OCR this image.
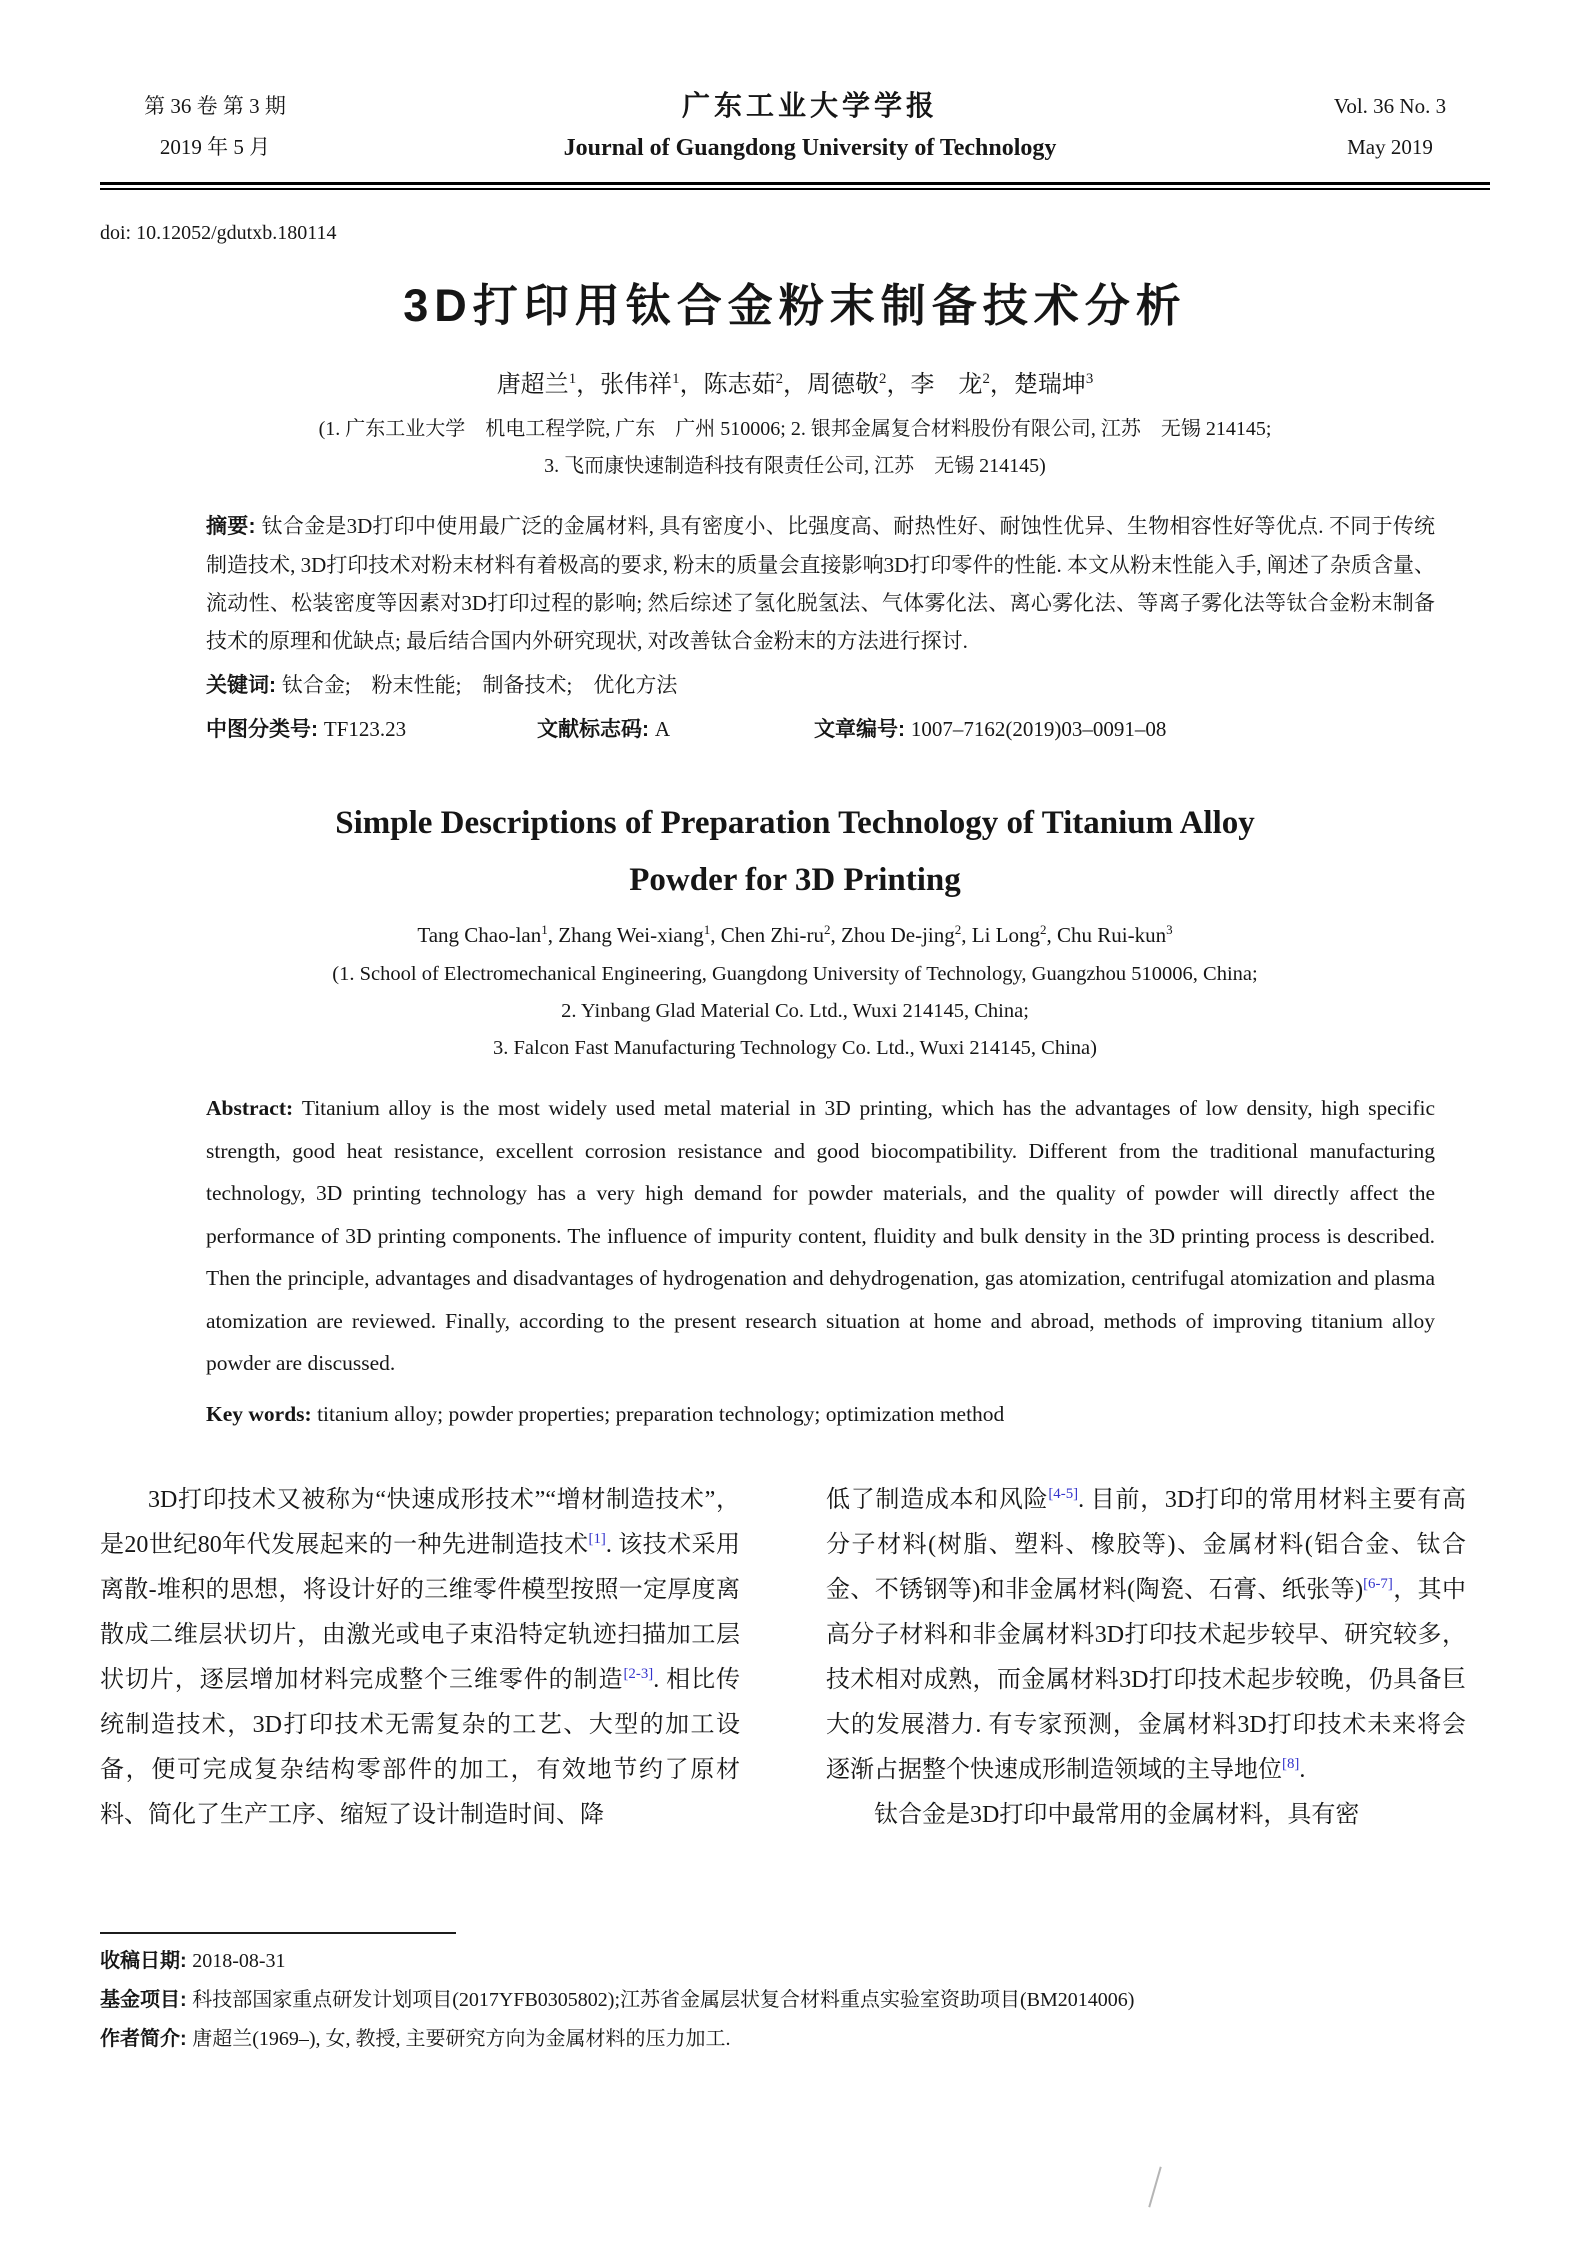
第 36 卷 第 3 期
2019 年 5 月
广东工业大学学报
Journal of Guangdong University of Technology
Vol. 36 No. 3
May 2019
doi: 10.12052/gdutxb.180114
3D打印用钛合金粉末制备技术分析
唐超兰$^1$，张伟祥$^1$，陈志茹$^2$，周德敬$^2$，李　龙$^2$，楚瑞坤$^3$
(1. 广东工业大学　机电工程学院, 广东　广州 510006; 2. 银邦金属复合材料股份有限公司, 江苏　无锡 214145;
3. 飞而康快速制造科技有限责任公司, 江苏　无锡 214145)
摘要: 钛合金是3D打印中使用最广泛的金属材料, 具有密度小、比强度高、耐热性好、耐蚀性优异、生物相容性好等优点. 不同于传统制造技术, 3D打印技术对粉末材料有着极高的要求, 粉末的质量会直接影响3D打印零件的性能. 本文从粉末性能入手, 阐述了杂质含量、流动性、松装密度等因素对3D打印过程的影响; 然后综述了氢化脱氢法、气体雾化法、离心雾化法、等离子雾化法等钛合金粉末制备技术的原理和优缺点; 最后结合国内外研究现状, 对改善钛合金粉末的方法进行探讨.
关键词: 钛合金;　粉末性能;　制备技术;　优化方法
中图分类号: TF123.23	文献标志码: A	文章编号: 1007–7162(2019)03–0091–08
Simple Descriptions of Preparation Technology of Titanium Alloy
Powder for 3D Printing
Tang Chao-lan$^1$, Zhang Wei-xiang$^1$, Chen Zhi-$ru^2$, Zhou De-jing$^2$, Li Long$^2$, Chu Rui-kun$^3$
(1. School of Electromechanical Engineering, Guangdong University of Technology, Guangzhou 510006, China;
2. Yinbang Glad Material Co. Ltd., Wuxi 214145, China;
3. Falcon Fast Manufacturing Technology Co. Ltd., Wuxi 214145, China)
Abstract: Titanium alloy is the most widely used metal material in 3D printing, which has the advantages of low density, high specific strength, good heat resistance, excellent corrosion resistance and good biocompatibility. Different from the traditional manufacturing technology, 3D printing technology has a very high demand for powder materials, and the quality of powder will directly affect the performance of 3D printing components. The influence of impurity content, fluidity and bulk density in the 3D printing process is described. Then the principle, advantages and disadvantages of hydrogenation and dehydrogenation, gas atomization, centrifugal atomization and plasma atomization are reviewed. Finally, according to the present research situation at home and abroad, methods of improving titanium alloy powder are discussed.
Key words: titanium alloy; powder properties; preparation technology; optimization method

3D打印技术又被称为“快速成形技术”“增材制造技术”，是20世纪80年代发展起来的一种先进制造技术[1]. 该技术采用离散-堆积的思想，将设计好的三维零件模型按照一定厚度离散成二维层状切片，由激光或电子束沿特定轨迹扫描加工层状切片，逐层增加材料完成整个三维零件的制造[2-3]. 相比传统制造技术，3D打印技术无需复杂的工艺、大型的加工设备，便可完成复杂结构零部件的加工，有效地节约了原材料、简化了生产工序、缩短了设计制造时间、降

低了制造成本和风险[4-5]. 目前，3D打印的常用材料主要有高分子材料(树脂、塑料、橡胶等)、金属材料(铝合金、钛合金、不锈钢等)和非金属材料(陶瓷、石膏、纸张等)[6-7]，其中高分子材料和非金属材料3D打印技术起步较早、研究较多，技术相对成熟，而金属材料3D打印技术起步较晚，仍具备巨大的发展潜力. 有专家预测，金属材料3D打印技术未来将会逐渐占据整个快速成形制造领域的主导地位[8].

钛合金是3D打印中最常用的金属材料，具有密

收稿日期: 2018-08-31
基金项目: 科技部国家重点研发计划项目(2017YFB0305802);江苏省金属层状复合材料重点实验室资助项目(BM2014006)
作者简介: 唐超兰(1969–), 女, 教授, 主要研究方向为金属材料的压力加工.
